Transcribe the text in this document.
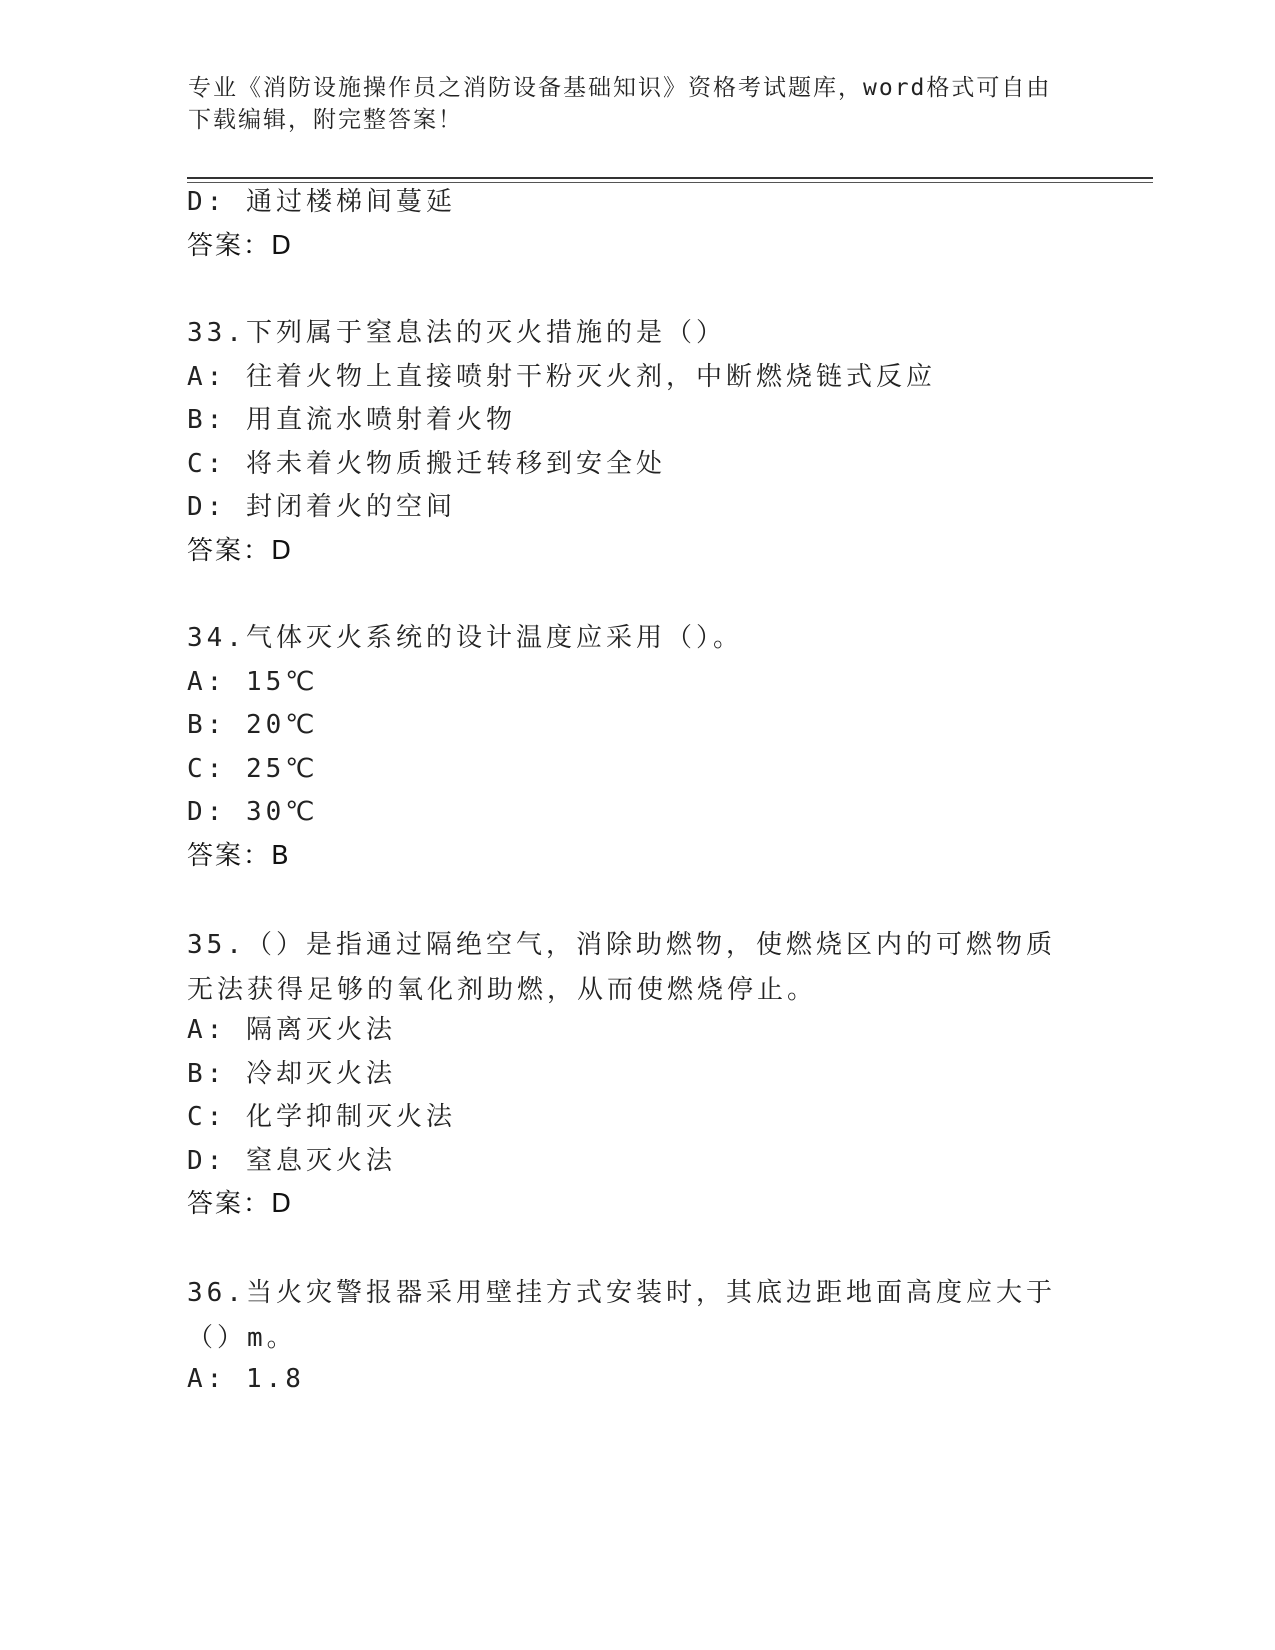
专业《消防设施操作员之消防设备基础知识》资格考试题库，word格式可自由下载编辑，附完整答案！
D: 通过楼梯间蔓延
答案：D
33.下列属于窒息法的灭火措施的是（）
A: 往着火物上直接喷射干粉灭火剂，中断燃烧链式反应
B: 用直流水喷射着火物
C: 将未着火物质搬迁转移到安全处
D: 封闭着火的空间
答案：D
34.气体灭火系统的设计温度应采用（）。
A: 15℃
B: 20℃
C: 25℃
D: 30℃
答案：B
35.（）是指通过隔绝空气，消除助燃物，使燃烧区内的可燃物质无法获得足够的氧化剂助燃，从而使燃烧停止。
A: 隔离灭火法
B: 冷却灭火法
C: 化学抑制灭火法
D: 窒息灭火法
答案：D
36.当火灾警报器采用壁挂方式安装时，其底边距地面高度应大于（）m。
A: 1.8
